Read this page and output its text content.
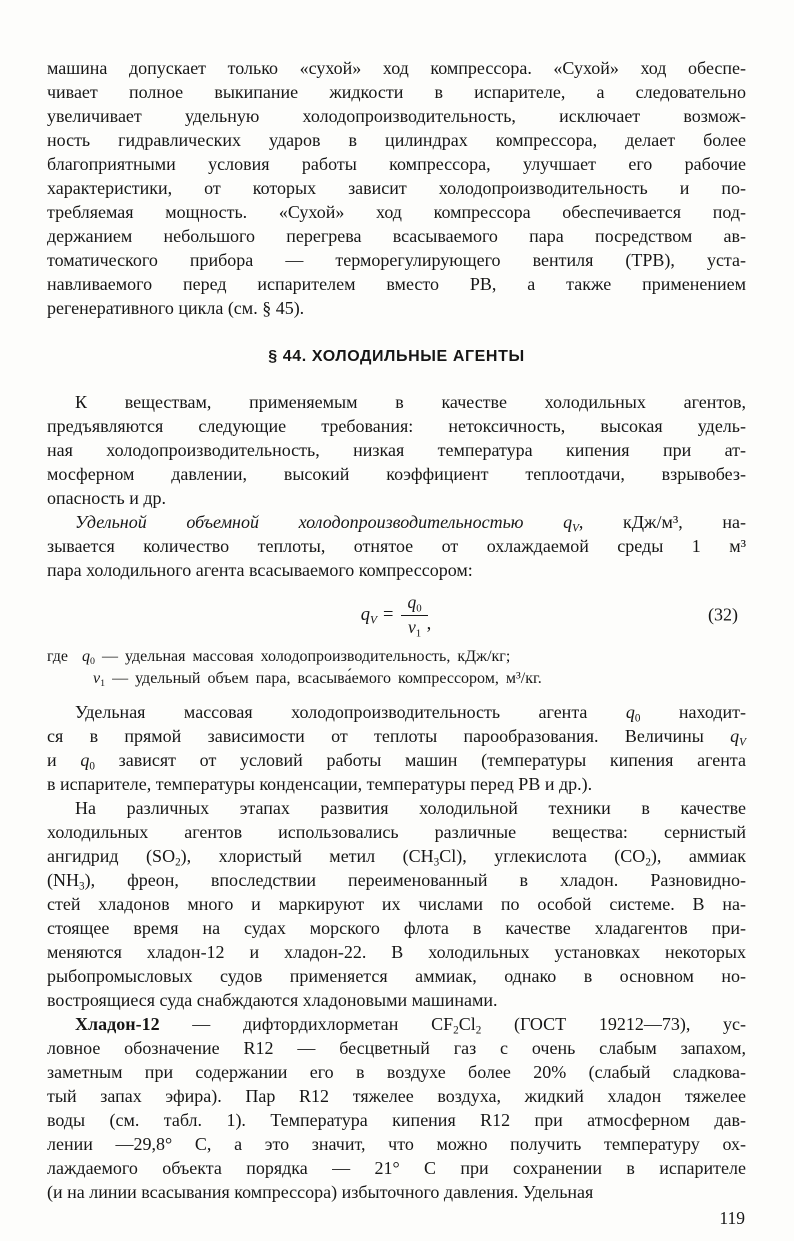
машина допускает только «сухой» ход компрессора. «Сухой» ход обеспе-
чивает полное выкипание жидкости в испарителе, а следовательно
увеличивает удельную холодопроизводительность, исключает возмож-
ность гидравлических ударов в цилиндрах компрессора, делает более
благоприятными условия работы компрессора, улучшает его рабочие
характеристики, от которых зависит холодопроизводительность и по-
требляемая мощность. «Сухой» ход компрессора обеспечивается под-
держанием небольшого перегрева всасываемого пара посредством ав-
томатического прибора — терморегулирующего вентиля (ТРВ), уста-
навливаемого перед испарителем вместо РВ, а также применением
регенеративного цикла (см. § 45).
§ 44. ХОЛОДИЛЬНЫЕ АГЕНТЫ
К веществам, применяемым в качестве холодильных агентов,
предъявляются следующие требования: нетоксичность, высокая удель-
ная холодопроизводительность, низкая температура кипения при ат-
мосферном давлении, высокий коэффициент теплоотдачи, взрывобез-
опасность и др.
Удельной объемной холодопроизводительностью $q_V$, кДж/м³, на-
зывается количество теплоты, отнятое от охлаждаемой среды 1 м³
пара холодильного агента всасываемого компрессором:
$q_V = \frac{q_0}{v_1}$ ,	(32)
где  $q_0$ — удельная массовая холодопроизводительность, кДж/кг;
$v_1$ — удельный объем пара, всасыва́емого компрессором, м³/кг.
Удельная массовая холодопроизводительность агента $q_0$ находит-
ся в прямой зависимости от теплоты парообразования. Величины $q_V$
и $q_0$ зависят от условий работы машин (температуры кипения агента
в испарителе, температуры конденсации, температуры перед РВ и др.).
На различных этапах развития холодильной техники в качестве
холодильных агентов использовались различные вещества: сернистый
ангидрид $(SO_2)$, хлористый метил $(CH_3Cl)$, углекислота $(CO_2)$, аммиак
$(NH_3)$, фреон, впоследствии переименованный в хладон. Разновидно-
стей хладонов много и маркируют их числами по особой системе. В на-
стоящее время на судах морского флота в качестве хладагентов при-
меняются хладон-12 и хладон-22. В холодильных установках некоторых
рыбопромысловых судов применяется аммиак, однако в основном но-
востроящиеся суда снабждаются хладоновыми машинами.
Хладон-12 — дифтордихлорметан $CF_2Cl_2$ (ГОСТ 19212—73), ус-
ловное обозначение R12 — бесцветный газ с очень слабым запахом,
заметным при содержании его в воздухе более 20% (слабый сладкова-
тый запах эфира). Пар R12 тяжелее воздуха, жидкий хладон тяжелее
воды (см. табл. 1). Температура кипения R12 при атмосферном дав-
лении —29,8° С, а это значит, что можно получить температуру ох-
лаждаемого объекта порядка — 21° С при сохранении в испарителе
(и на линии всасывания компрессора) избыточного давления. Удельная
119
